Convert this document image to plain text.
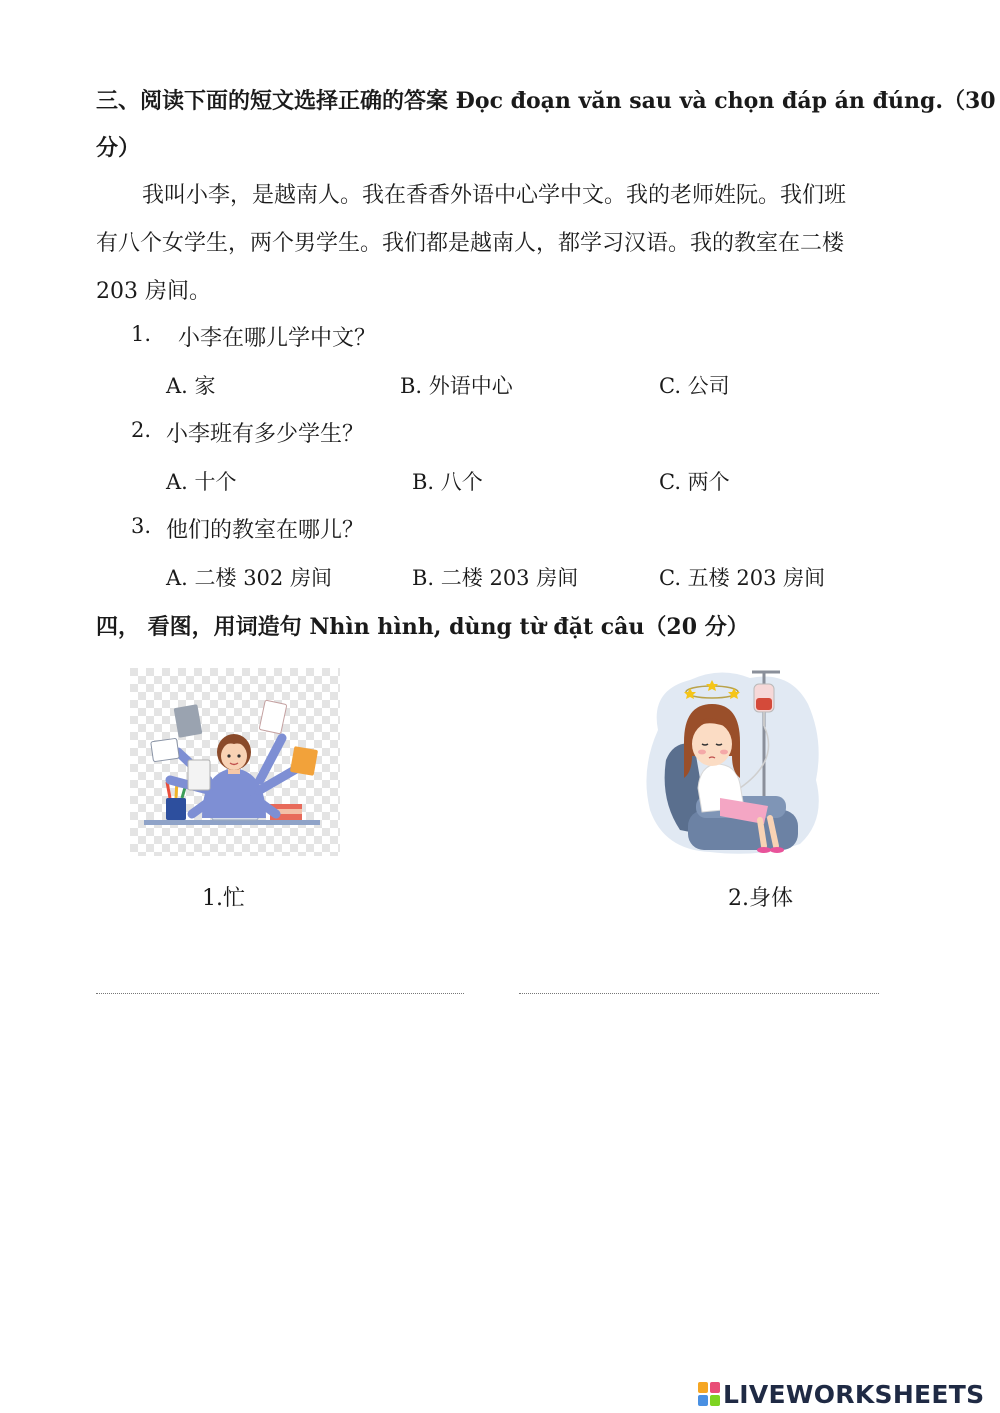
三、阅读下面的短文选择正确的答案 Đọc đoạn văn sau và chọn đáp án đúng.（30
分）
我叫小李，是越南人。我在香香外语中心学中文。我的老师姓阮。我们班
有八个女学生，两个男学生。我们都是越南人，都学习汉语。我的教室在二楼
203 房间。
1. 小李在哪儿学中文？
A. 家	B. 外语中心	C. 公司
2. 小李班有多少学生？
A. 十个	B. 八个	C. 两个
3. 他们的教室在哪儿？
A. 二楼 302 房间	B. 二楼 203 房间	C. 五楼 203 房间
四， 看图，用词造句 Nhìn hình, dùng từ đặt câu（20 分）
1.忙	2.身体
LIVEWORKSHEETS
